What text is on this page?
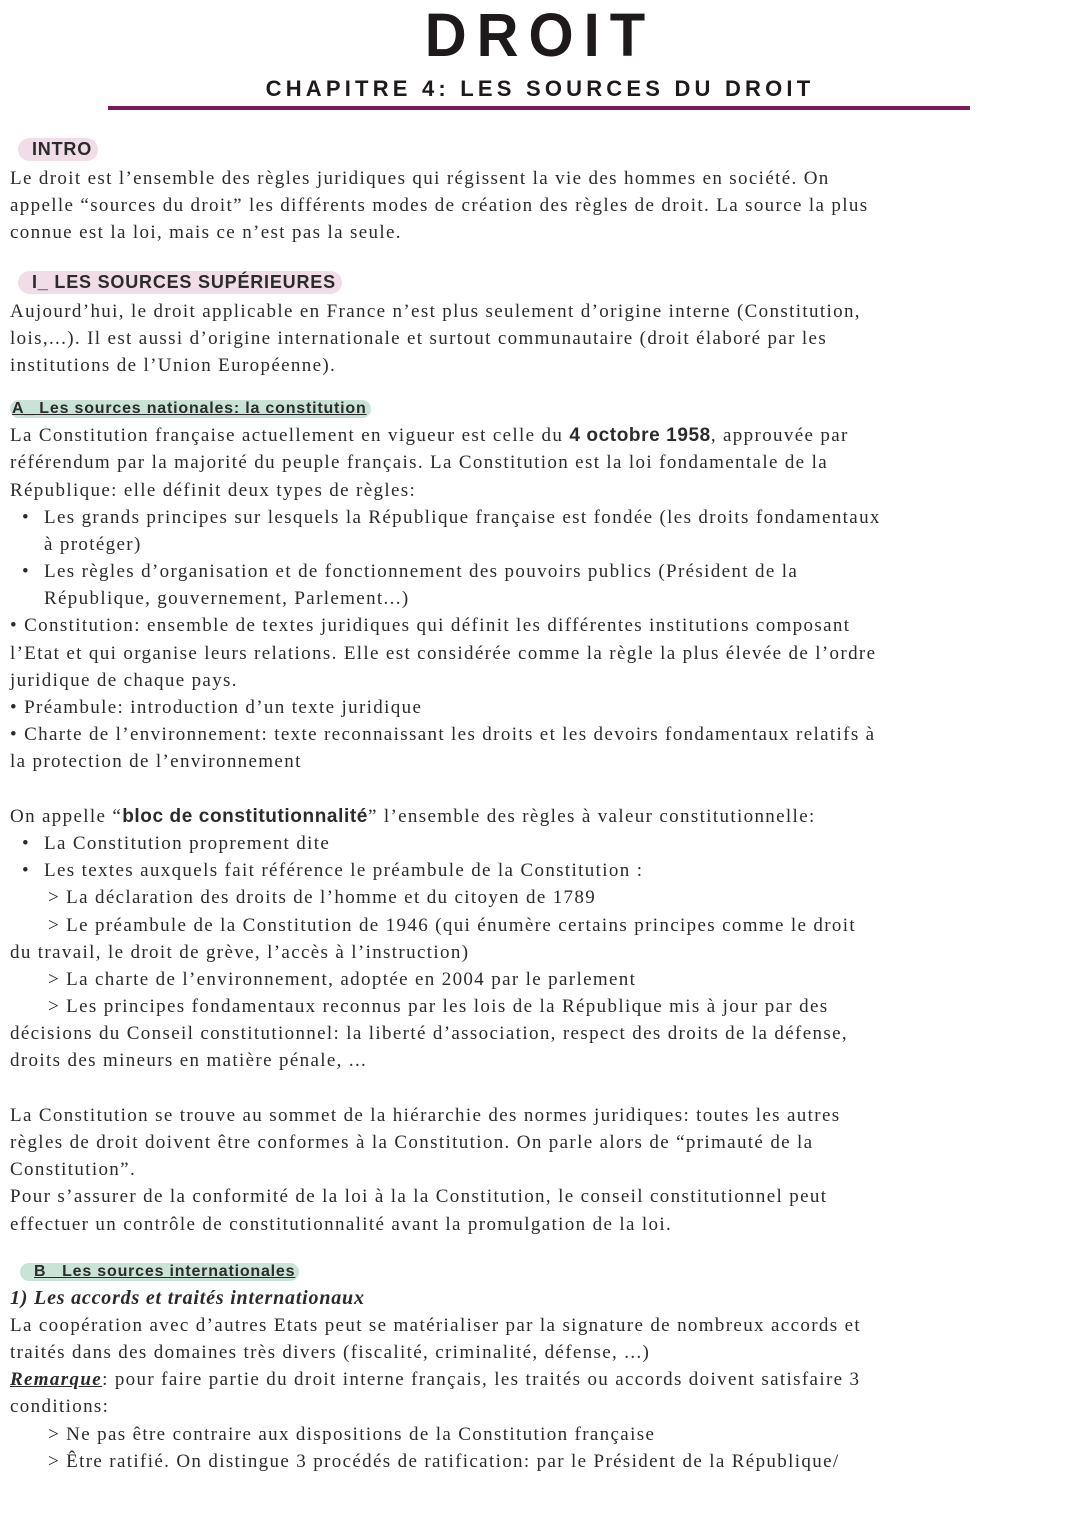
DROIT
CHAPITRE 4: LES SOURCES DU DROIT
INTRO
Le droit est l’ensemble des règles juridiques qui régissent la vie des hommes en société. On
appelle “sources du droit” les différents modes de création des règles de droit. La source la plus
connue est la loi, mais ce n’est pas la seule.
I_ LES SOURCES SUPÉRIEURES
Aujourd’hui, le droit applicable en France n’est plus seulement d’origine interne (Constitution,
lois,...). Il est aussi d’origine internationale et surtout communautaire (droit élaboré par les
institutions de l’Union Européenne).
A_ Les sources nationales: la constitution
La Constitution française actuellement en vigueur est celle du 4 octobre 1958, approuvée par
référendum par la majorité du peuple français. La Constitution est la loi fondamentale de la
République: elle définit deux types de règles:
• Les grands principes sur lesquels la République française est fondée (les droits fondamentaux
à protéger)
• Les règles d’organisation et de fonctionnement des pouvoirs publics (Président de la
République, gouvernement, Parlement...)
• Constitution: ensemble de textes juridiques qui définit les différentes institutions composant
l’Etat et qui organise leurs relations. Elle est considérée comme la règle la plus élevée de l’ordre
juridique de chaque pays.
• Préambule: introduction d’un texte juridique
• Charte de l’environnement: texte reconnaissant les droits et les devoirs fondamentaux relatifs à
la protection de l’environnement
On appelle “bloc de constitutionnalité” l’ensemble des règles à valeur constitutionnelle:
• La Constitution proprement dite
• Les textes auxquels fait référence le préambule de la Constitution :
> La déclaration des droits de l’homme et du citoyen de 1789
> Le préambule de la Constitution de 1946 (qui énumère certains principes comme le droit
du travail, le droit de grève, l’accès à l’instruction)
> La charte de l’environnement, adoptée en 2004 par le parlement
> Les principes fondamentaux reconnus par les lois de la République mis à jour par des
décisions du Conseil constitutionnel: la liberté d’association, respect des droits de la défense,
droits des mineurs en matière pénale, ...
La Constitution se trouve au sommet de la hiérarchie des normes juridiques: toutes les autres
règles de droit doivent être conformes à la Constitution. On parle alors de “primauté de la
Constitution”.
Pour s’assurer de la conformité de la loi à la la Constitution, le conseil constitutionnel peut
effectuer un contrôle de constitutionnalité avant la promulgation de la loi.
B   Les sources internationales
1) Les accords et traités internationaux
La coopération avec d’autres Etats peut se matérialiser par la signature de nombreux accords et
traités dans des domaines très divers (fiscalité, criminalité, défense, ...)
Remarque: pour faire partie du droit interne français, les traités ou accords doivent satisfaire 3
conditions:
> Ne pas être contraire aux dispositions de la Constitution française
> Être ratifié. On distingue 3 procédés de ratification: par le Président de la République/
